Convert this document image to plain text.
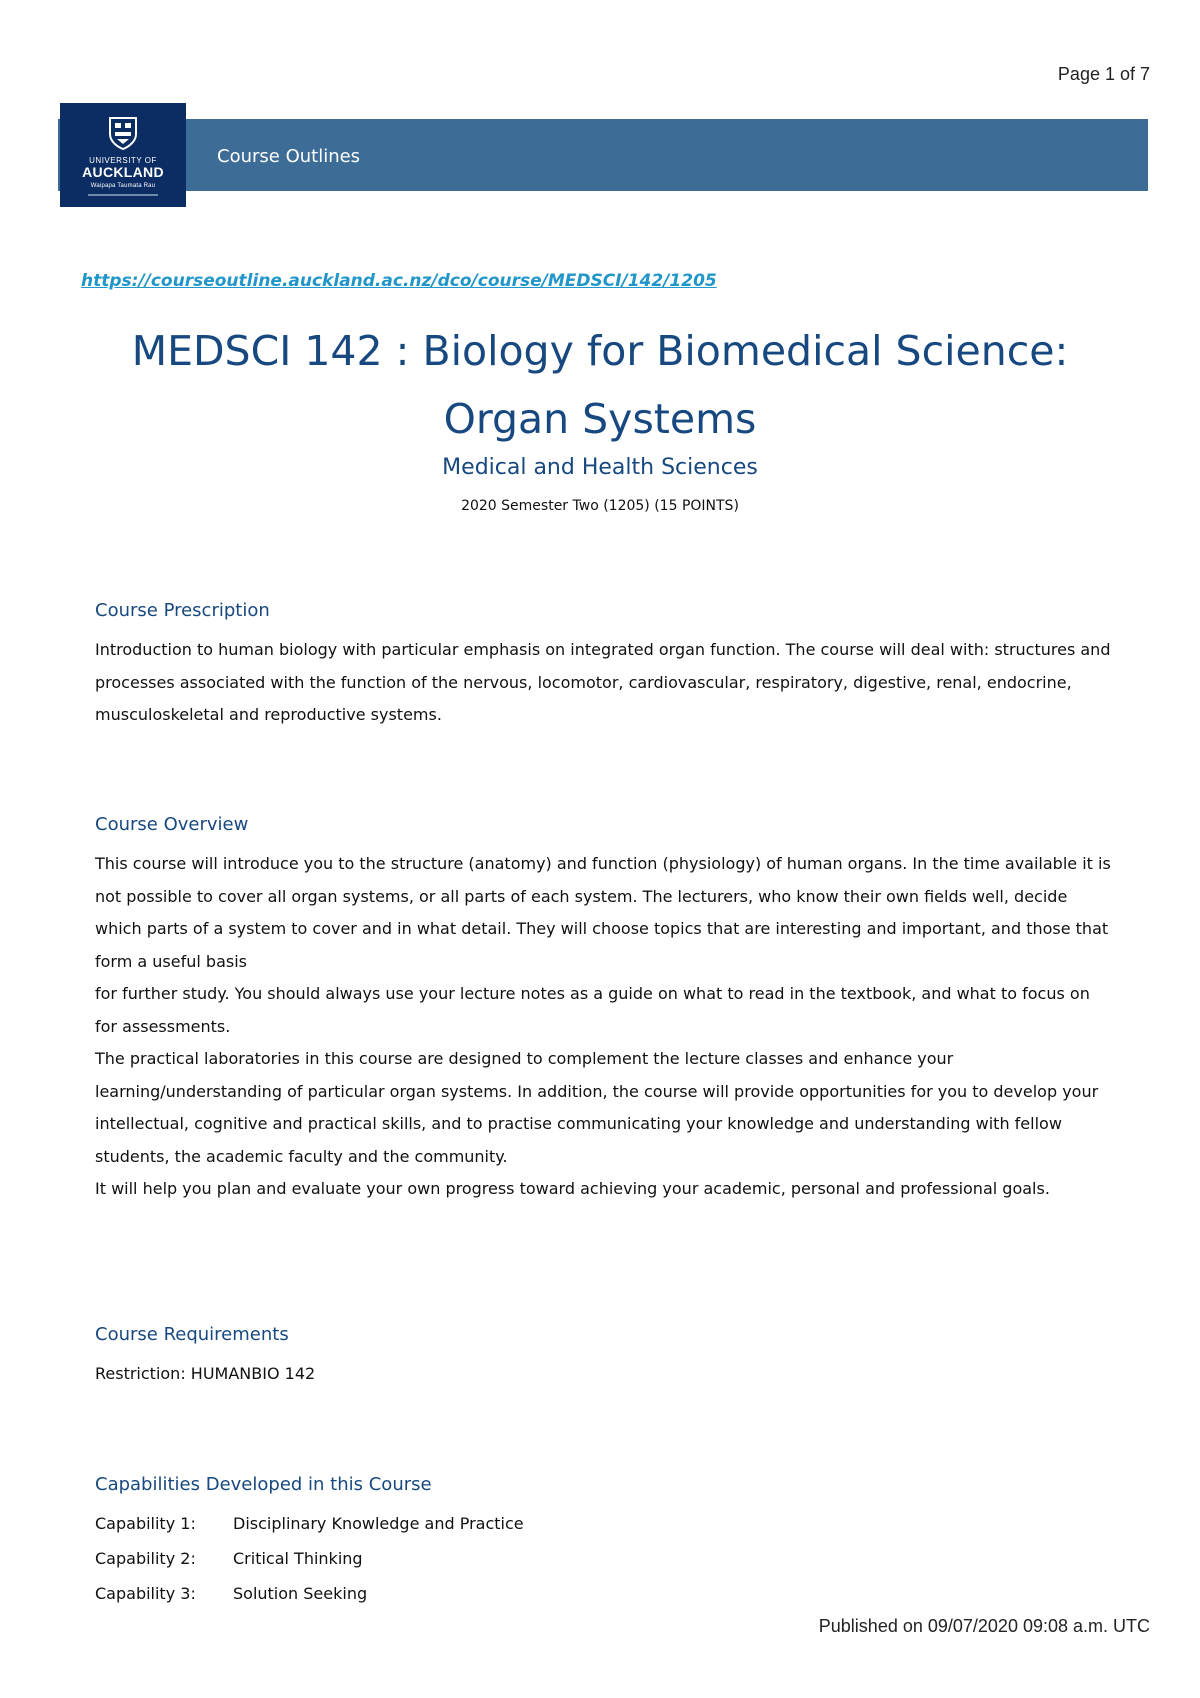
Page 1 of 7
UNIVERSITY OF
AUCKLAND
Waipapa Taumata Rau
Course Outlines
https://courseoutline.auckland.ac.nz/dco/course/MEDSCI/142/1205
MEDSCI 142 : Biology for Biomedical Science:
Organ Systems
Medical and Health Sciences
2020 Semester Two (1205) (15 POINTS)
Course Prescription

Introduction to human biology with particular emphasis on integrated organ function. The course will deal with: structures and processes associated with the function of the nervous, locomotor, cardiovascular, respiratory, digestive, renal, endocrine, musculoskeletal and reproductive systems.

Course Overview
This course will introduce you to the structure (anatomy) and function (physiology) of human organs. In the time available it is not possible to cover all organ systems, or all parts of each system. The lecturers, who know their own fields well, decide which parts of a system to cover and in what detail. They will choose topics that are interesting and important, and those that form a useful basis
for further study. You should always use your lecture notes as a guide on what to read in the textbook, and what to focus on for assessments.
The practical laboratories in this course are designed to complement the lecture classes and enhance your learning/understanding of particular organ systems. In addition, the course will provide opportunities for you to develop your intellectual, cognitive and practical skills, and to practise communicating your knowledge and understanding with fellow students, the academic faculty and the community.
It will help you plan and evaluate your own progress toward achieving your academic, personal and professional goals.
Course Requirements
Restriction: HUMANBIO 142
Capabilities Developed in this Course
Capability 1:	Disciplinary Knowledge and Practice
Capability 2:	Critical Thinking
Capability 3:	Solution Seeking
Published on 09/07/2020 09:08 a.m. UTC
